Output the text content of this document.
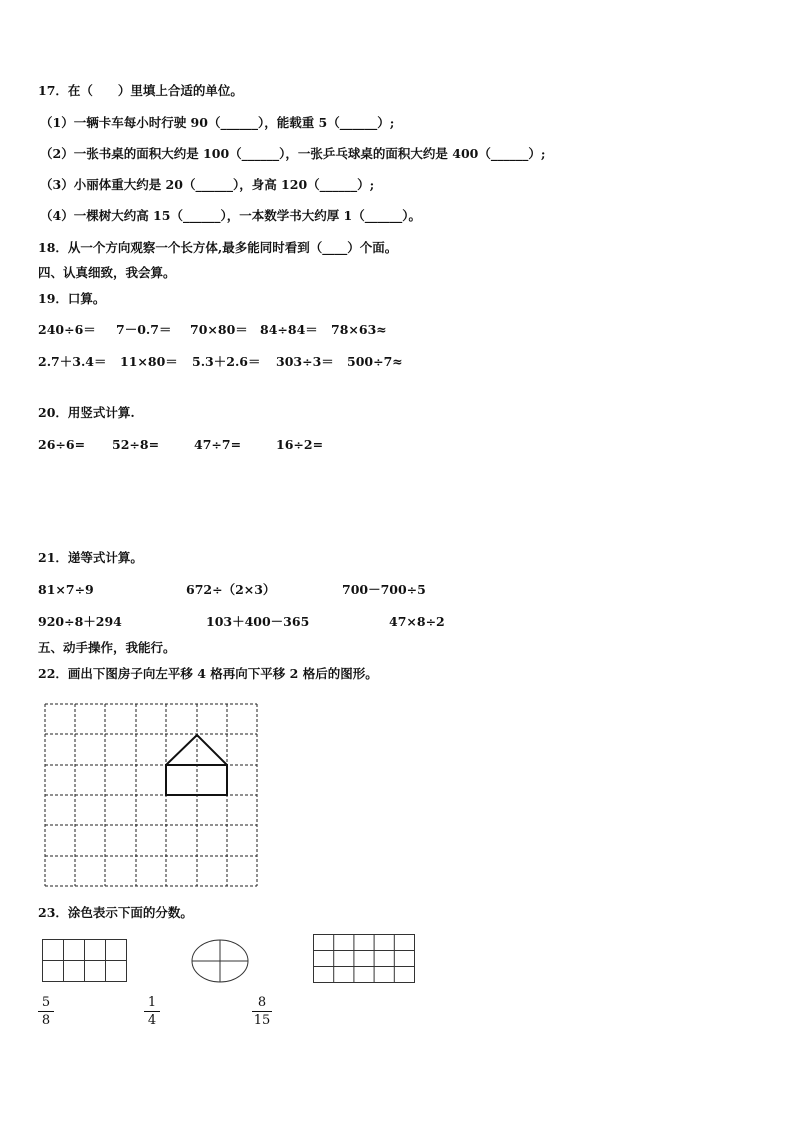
17．在（　　）里填上合适的单位。
（1）一辆卡车每小时行驶 90（______），能载重 5（______）;
（2）一张书桌的面积大约是 100（______），一张乒乓球桌的面积大约是 400（______）;
（3）小丽体重大约是 20（______），身高 120（______）;
（4）一棵树大约高 15（______），一本数学书大约厚 1（______）。
18．从一个方向观察一个长方体,最多能同时看到（____）个面。
四、认真细致，我会算。
19．口算。
240÷6＝ 7－0.7＝ 70×80＝ 84÷84＝ 78×63≈
2.7＋3.4＝ 11×80＝ 5.3＋2.6＝ 303÷3＝ 500÷7≈
20．用竖式计算.
26÷6= 52÷8=	47÷7=	16÷2=
21．递等式计算。
81×7÷9	672÷（2×3）	700－700÷5
920÷8＋294	103＋400－365	47×8÷2
五、动手操作，我能行。
22．画出下图房子向左平移 4 格再向下平移 2 格后的图形。
23．涂色表示下面的分数。
5
8
1
4
8
15
